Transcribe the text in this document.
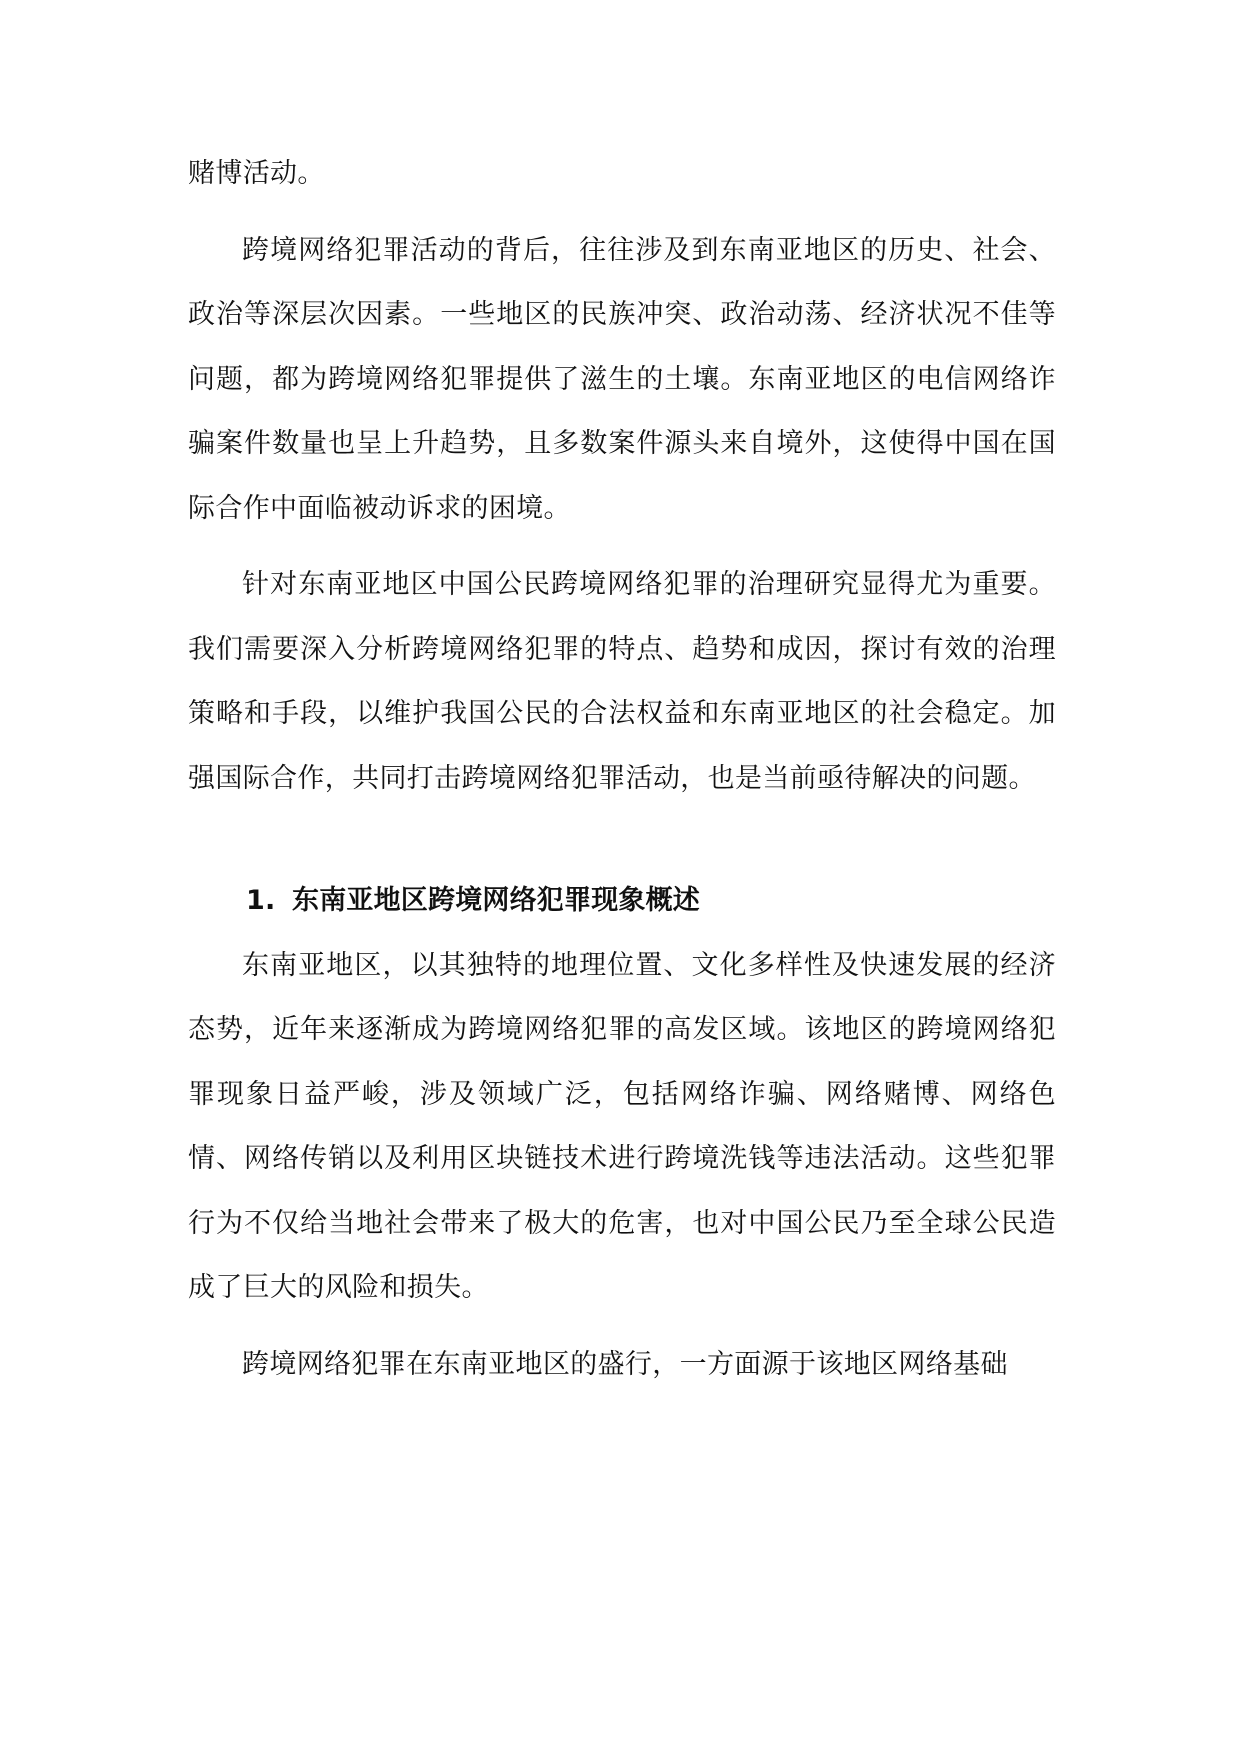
赌博活动。

跨境网络犯罪活动的背后，往往涉及到东南亚地区的历史、社会、政治等深层次因素。一些地区的民族冲突、政治动荡、经济状况不佳等问题，都为跨境网络犯罪提供了滋生的土壤。东南亚地区的电信网络诈骗案件数量也呈上升趋势，且多数案件源头来自境外，这使得中国在国际合作中面临被动诉求的困境。

针对东南亚地区中国公民跨境网络犯罪的治理研究显得尤为重要。我们需要深入分析跨境网络犯罪的特点、趋势和成因，探讨有效的治理策略和手段，以维护我国公民的合法权益和东南亚地区的社会稳定。加强国际合作，共同打击跨境网络犯罪活动，也是当前亟待解决的问题。

1. 东南亚地区跨境网络犯罪现象概述

东南亚地区，以其独特的地理位置、文化多样性及快速发展的经济态势，近年来逐渐成为跨境网络犯罪的高发区域。该地区的跨境网络犯罪现象日益严峻，涉及领域广泛，包括网络诈骗、网络赌博、网络色情、网络传销以及利用区块链技术进行跨境洗钱等违法活动。这些犯罪行为不仅给当地社会带来了极大的危害，也对中国公民乃至全球公民造成了巨大的风险和损失。

跨境网络犯罪在东南亚地区的盛行，一方面源于该地区网络基础
